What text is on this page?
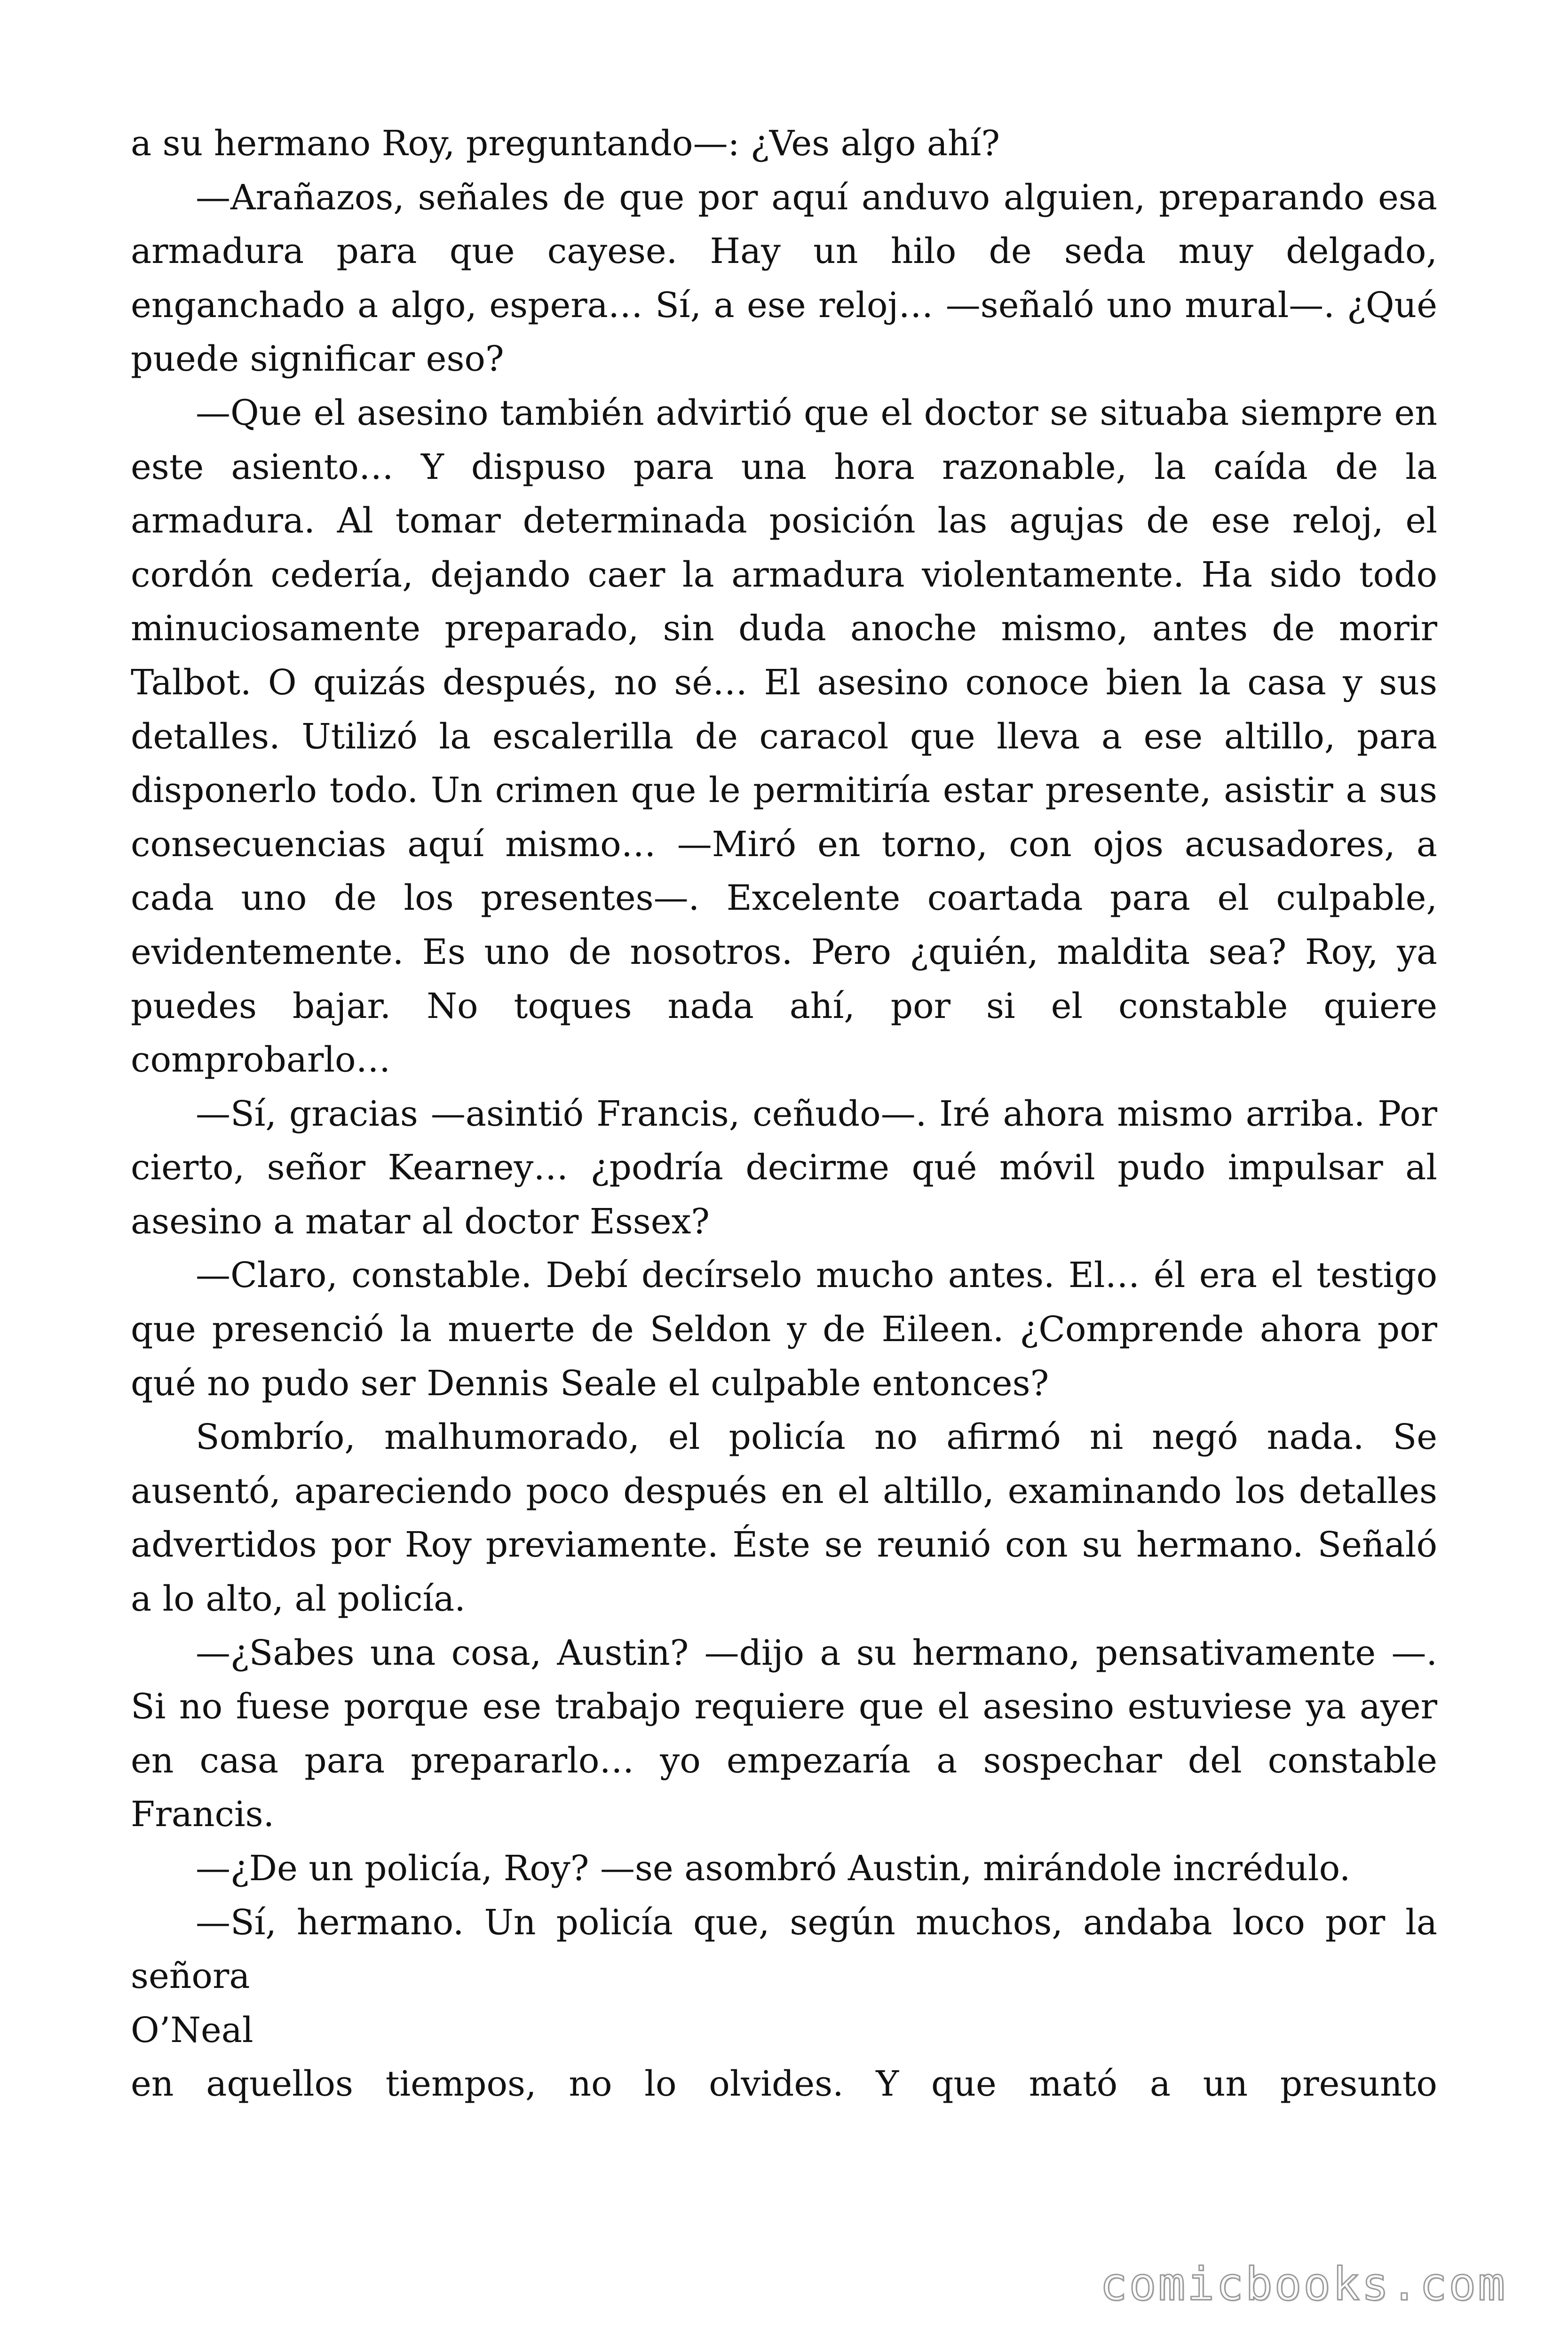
a su hermano Roy, preguntando—: ¿Ves algo ahí?

—Arañazos, señales de que por aquí anduvo alguien, preparando esa armadura para que cayese. Hay un hilo de seda muy delgado, enganchado a algo, espera… Sí, a ese reloj… —señaló uno mural—. ¿Qué puede significar eso?

—Que el asesino también advirtió que el doctor se situaba siempre en este asiento… Y dispuso para una hora razonable, la caída de la armadura. Al tomar determinada posición las agujas de ese reloj, el cordón cedería, dejando caer la armadura violentamente. Ha sido todo minuciosamente preparado, sin duda anoche mismo, antes de morir Talbot. O quizás después, no sé… El asesino conoce bien la casa y sus detalles. Utilizó la escalerilla de caracol que lleva a ese altillo, para disponerlo todo. Un crimen que le permitiría estar presente, asistir a sus consecuencias aquí mismo… —Miró en torno, con ojos acusadores, a cada uno de los presentes—. Excelente coartada para el culpable, evidentemente. Es uno de nosotros. Pero ¿quién, maldita sea? Roy, ya puedes bajar. No toques nada ahí, por si el constable quiere comprobarlo…

—Sí, gracias —asintió Francis, ceñudo—. Iré ahora mismo arriba. Por cierto, señor Kearney… ¿podría decirme qué móvil pudo impulsar al asesino a matar al doctor Essex?

—Claro, constable. Debí decírselo mucho antes. El… él era el testigo que presenció la muerte de Seldon y de Eileen. ¿Comprende ahora por qué no pudo ser Dennis Seale el culpable entonces?

Sombrío, malhumorado, el policía no afirmó ni negó nada. Se ausentó, apareciendo poco después en el altillo, examinando los detalles advertidos por Roy previamente. Éste se reunió con su hermano. Señaló a lo alto, al policía.

—¿Sabes una cosa, Austin? —dijo a su hermano, pensativamente —. Si no fuese porque ese trabajo requiere que el asesino estuviese ya ayer en casa para prepararlo… yo empezaría a sospechar del constable Francis.

—¿De un policía, Roy? —se asombró Austin, mirándole incrédulo.

—Sí, hermano. Un policía que, según muchos, andaba loco por la señora

O’Neal

en aquellos tiempos, no lo olvides. Y que mató a un presunto

comicbooks.com
